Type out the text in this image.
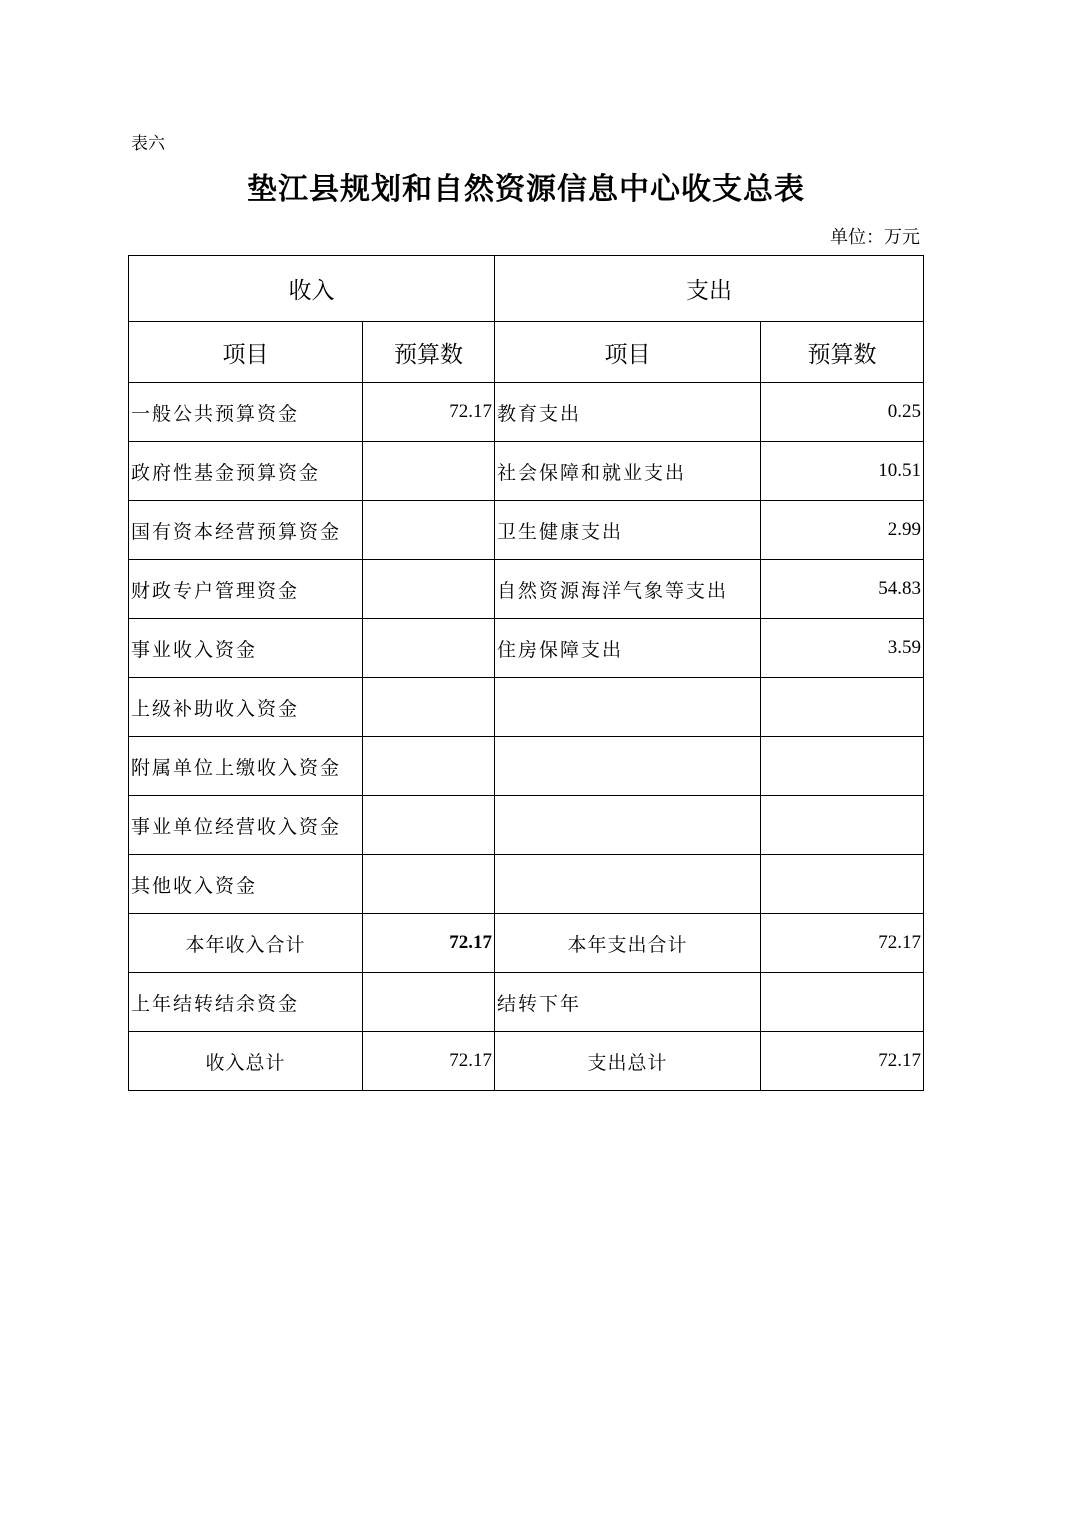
表六
垫江县规划和自然资源信息中心收支总表
单位：万元
收入		支出	
项目	预算数	项目	预算数
一般公共预算资金	72.17	教育支出	0.25
政府性基金预算资金		社会保障和就业支出	10.51
国有资本经营预算资金		卫生健康支出	2.99
财政专户管理资金		自然资源海洋气象等支出	54.83
事业收入资金		住房保障支出	3.59
上级补助收入资金			
附属单位上缴收入资金			
事业单位经营收入资金			
其他收入资金			
本年收入合计	72.17	本年支出合计	72.17
上年结转结余资金		结转下年	
收入总计	72.17	支出总计	72.17
